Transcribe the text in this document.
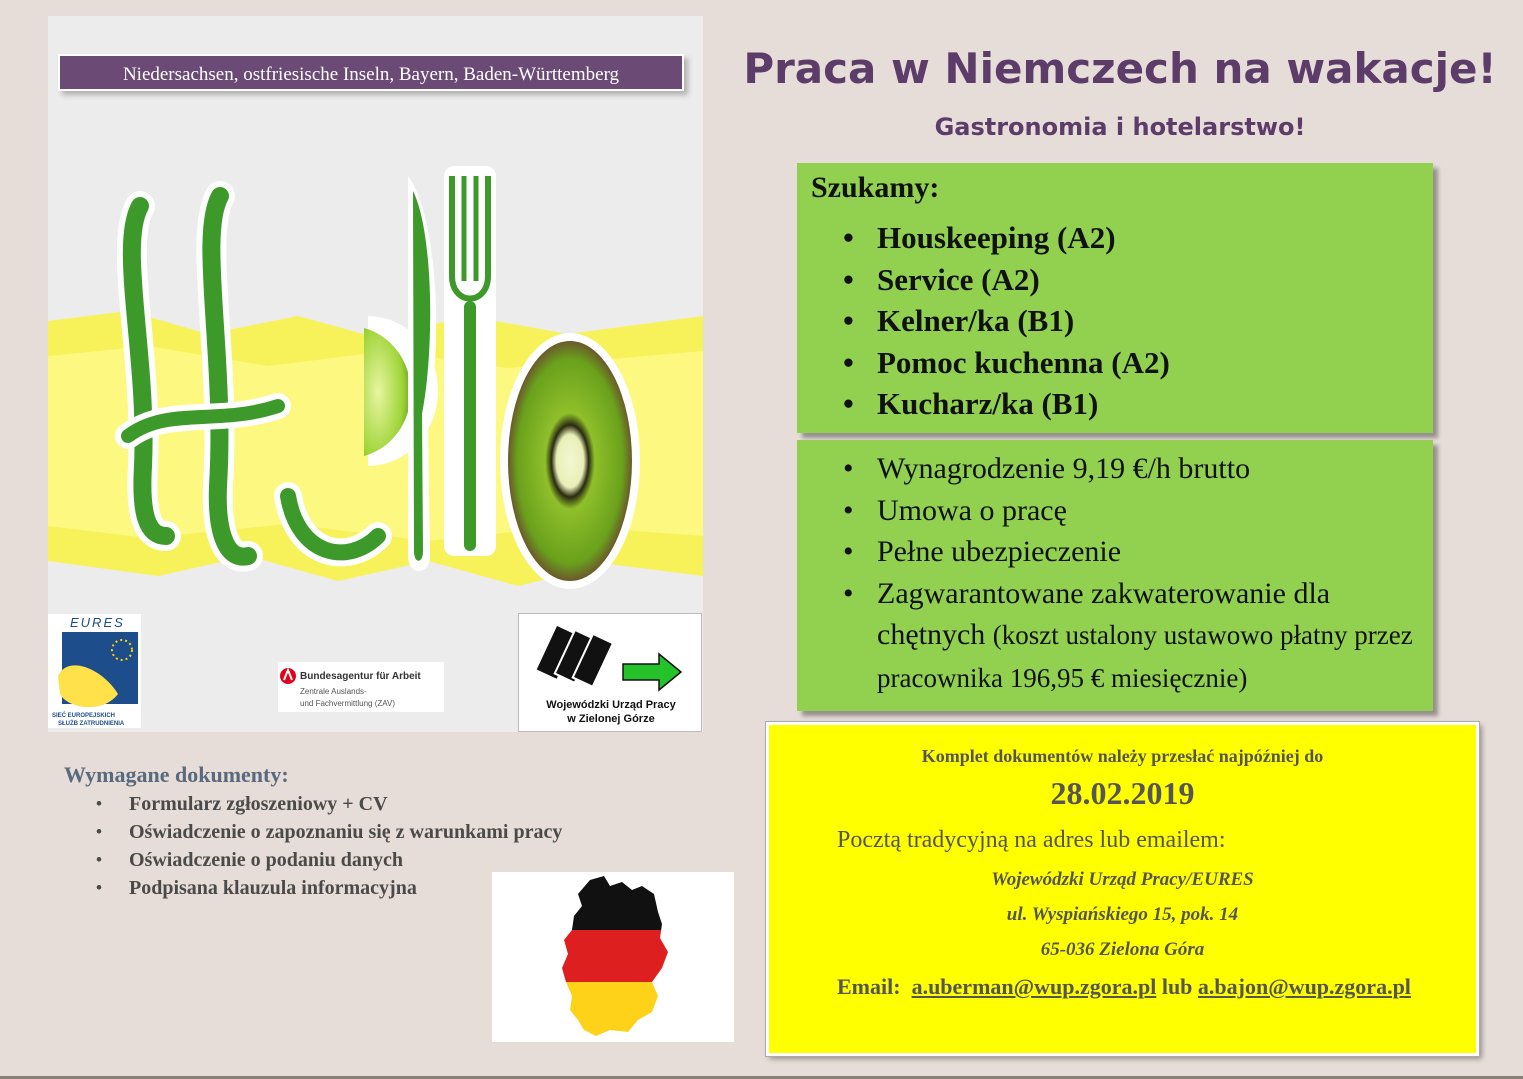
Niedersachsen, ostfriesische Inseln, Bayern, Baden-Württemberg
EURES
SIEĆ EUROPEJSKICH
SŁUŻB ZATRUDNIENIA
Bundesagentur für Arbeit
Zentrale Auslands-
und Fachvermittlung (ZAV)	Wojewódzki Urząd Pracy
w Zielonej Górze
Praca w Niemczech na wakacje!
Gastronomia i hotelarstwo!
Szukamy:
• Houskeeping (A2)
• Service (A2)
• Kelner/ka (B1)
• Pomoc kuchenna (A2)
• Kucharz/ka (B1)
• Wynagrodzenie 9,19 €/h brutto
• Umowa o pracę
• Pełne ubezpieczenie
• Zagwarantowane zakwaterowanie dla chętnych (koszt ustalony ustawowo płatny przez pracownika 196,95 € miesięcznie)
Wymagane dokumenty:
• Formularz zgłoszeniowy + CV
• Oświadczenie o zapoznaniu się z warunkami pracy
• Oświadczenie o podaniu danych
• Podpisana klauzula informacyjna
Komplet dokumentów należy przesłać najpóźniej do
28.02.2019
Pocztą tradycyjną na adres lub emailem:
Wojewódzki Urząd Pracy/EURES
ul. Wyspiańskiego 15, pok. 14
65-036 Zielona Góra
Email: a.uberman@wup.zgora.pl lub a.bajon@wup.zgora.pl
